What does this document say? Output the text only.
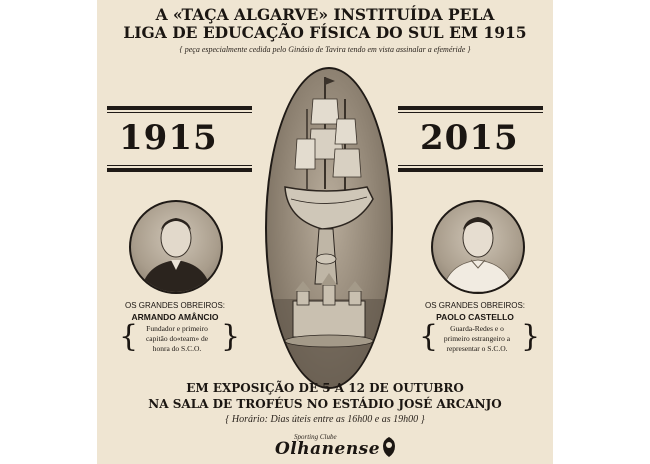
A «TAÇA ALGARVE» INSTITUÍDA PELA
LIGA DE EDUCAÇÃO FÍSICA DO SUL EM 1915
{ peça especialmente cedida pelo Ginásio de Tavira tendo em vista assinalar a efeméride }
1915	2015
OS GRANDES OBREIROS:
ARMANDO AMÂNCIO
{	Fundador e primeiro
capitão do«team» de
honra do S.C.O. }
OS GRANDES OBREIROS:
PAOLO CASTELLO
{	Guarda-Redes e o
primeiro estrangeiro a
representar o S.C.O. }
EM EXPOSIÇÃO DE 5 A 12 DE OUTUBRO
NA SALA DE TROFÉUS NO ESTÁDIO JOSÉ ARCANJO
{ Horário: Dias úteis entre as 16h00 e as 19h00 }
Sporting Clube
Olhanense
